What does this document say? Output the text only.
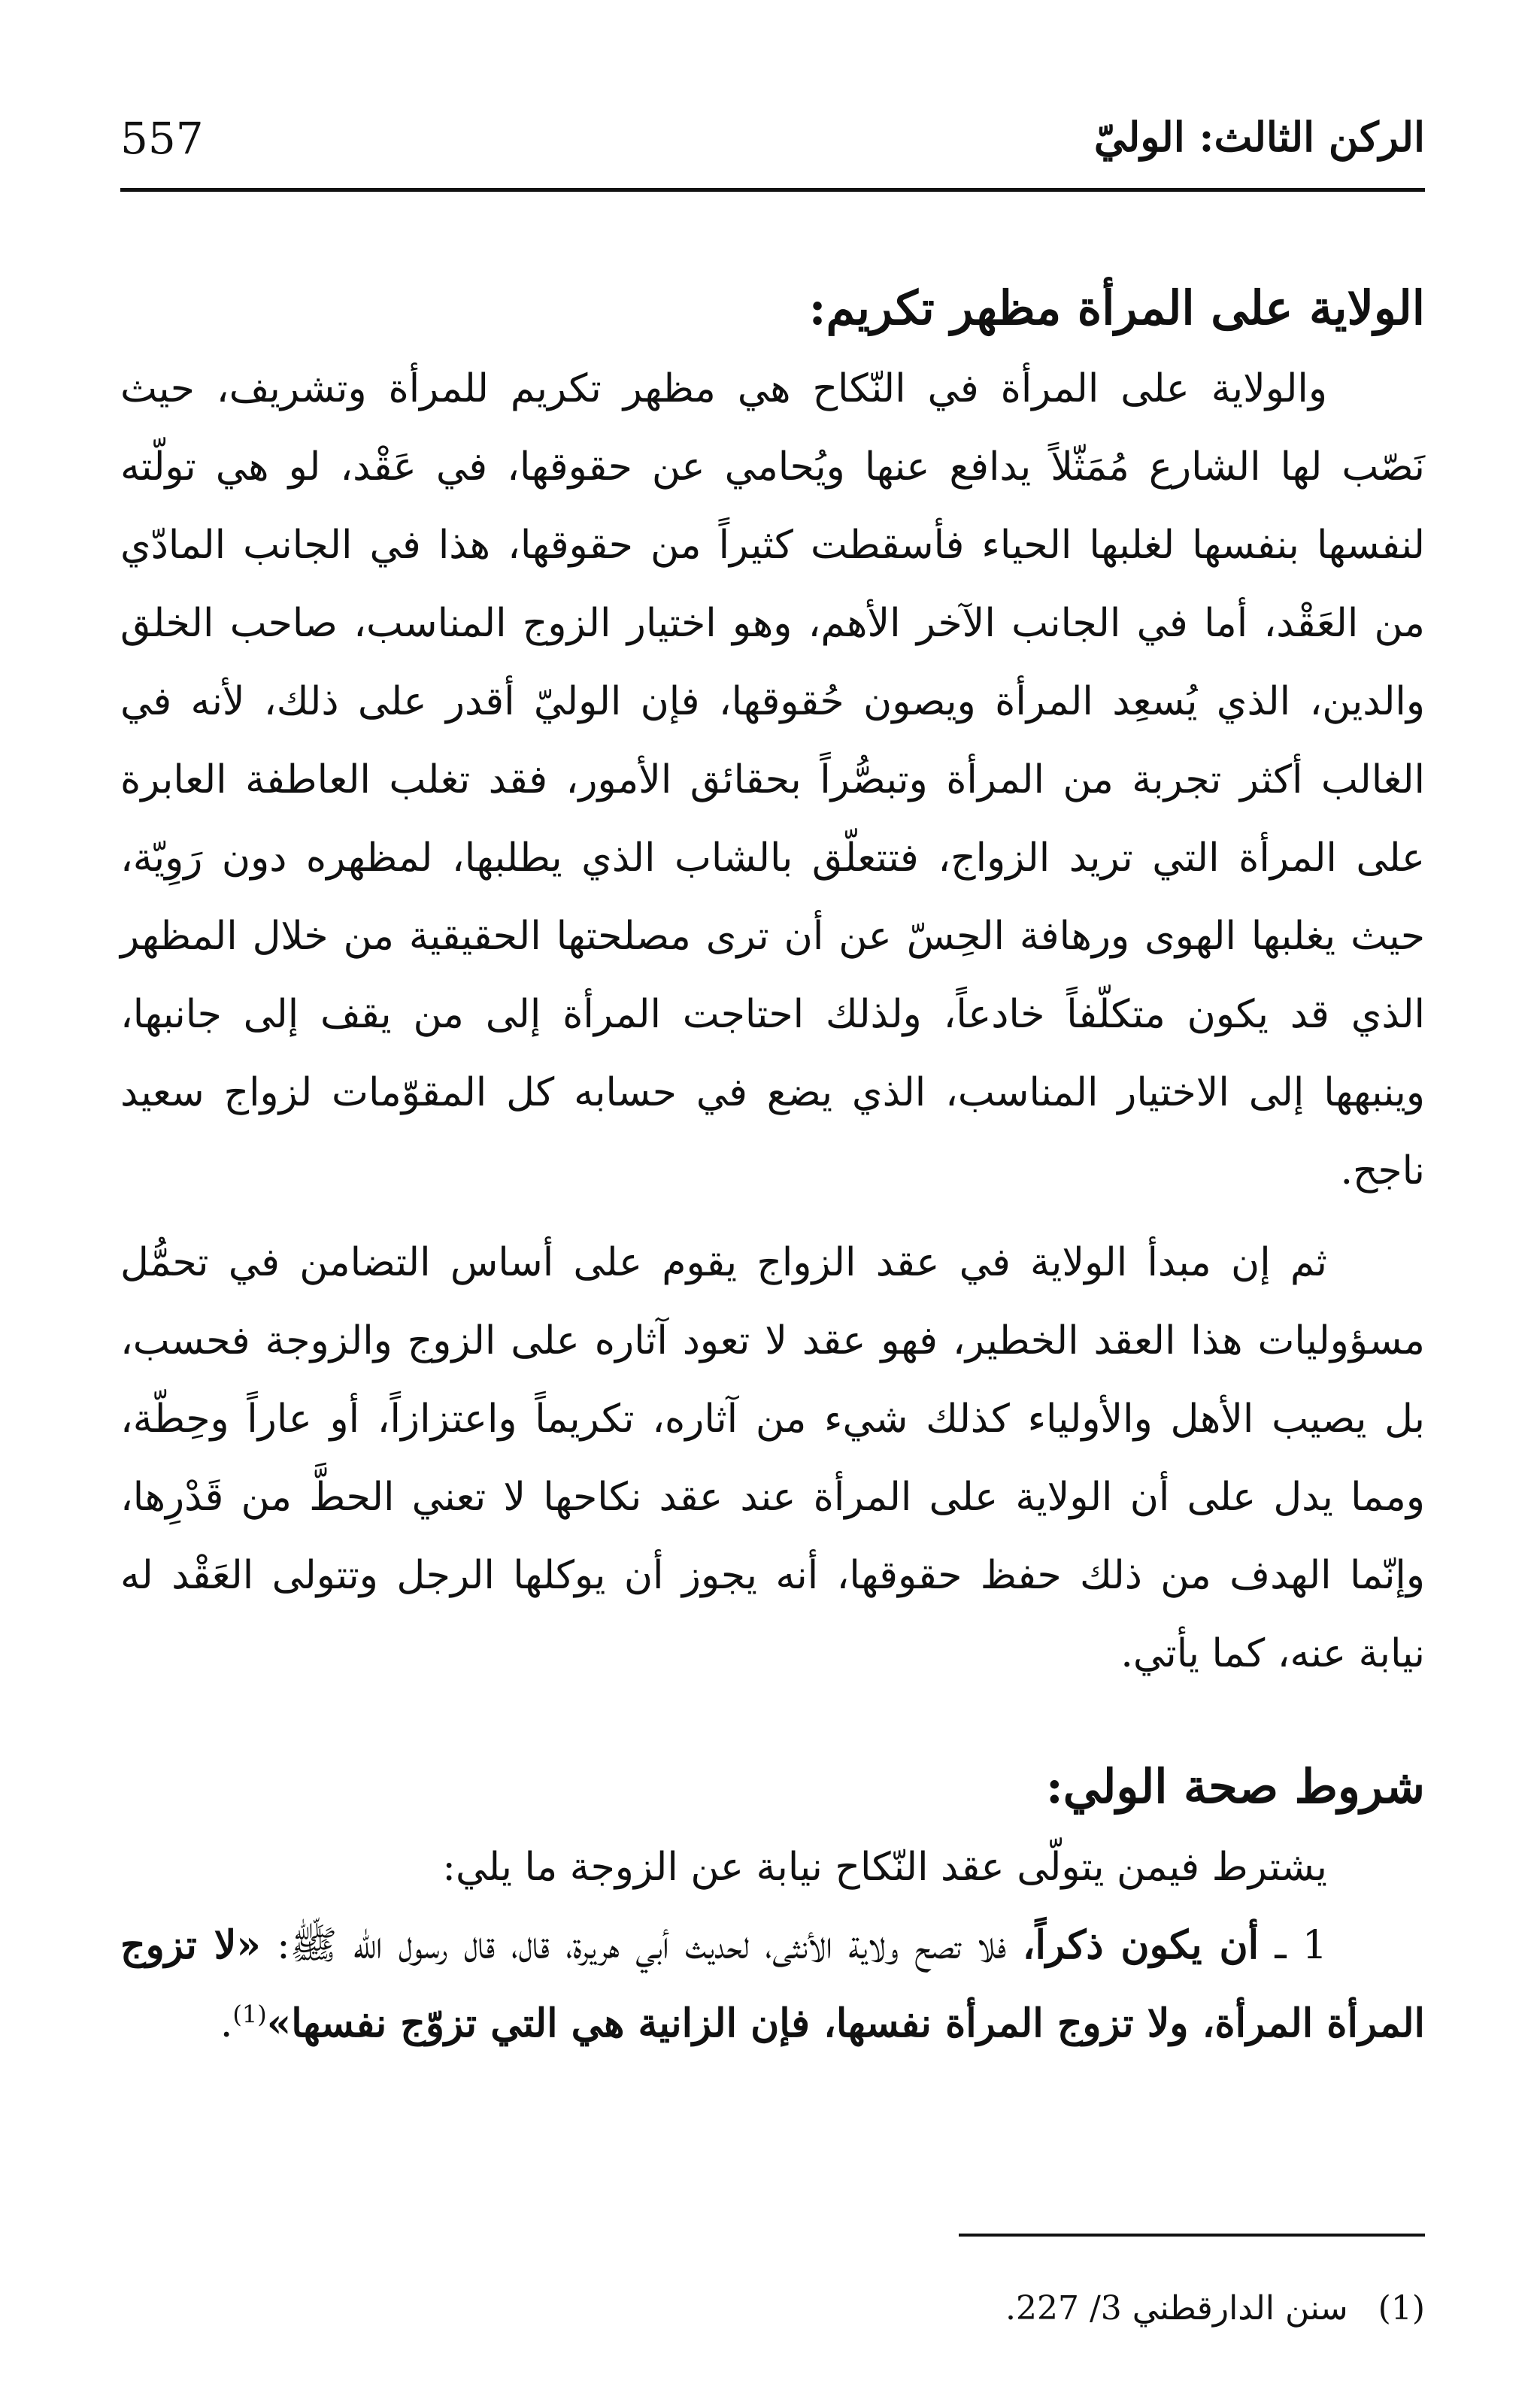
الركن الثالث: الوليّ
557
الولاية على المرأة مظهر تكريم:

والولاية على المرأة في النّكاح هي مظهر تكريم للمرأة وتشريف، حيث نَصّب لها الشارع مُمَثّلاً يدافع عنها ويُحامي عن حقوقها، في عَقْد، لو هي تولّته لنفسها بنفسها لغلبها الحياء فأسقطت كثيراً من حقوقها، هذا في الجانب المادّي من العَقْد، أما في الجانب الآخر الأهم، وهو اختيار الزوج المناسب، صاحب الخلق والدين، الذي يُسعِد المرأة ويصون حُقوقها، فإن الوليّ أقدر على ذلك، لأنه في الغالب أكثر تجربة من المرأة وتبصُّراً بحقائق الأمور، فقد تغلب العاطفة العابرة على المرأة التي تريد الزواج، فتتعلّق بالشاب الذي يطلبها، لمظهره دون رَوِيّة، حيث يغلبها الهوى ورهافة الحِسّ عن أن ترى مصلحتها الحقيقية من خلال المظهر الذي قد يكون متكلّفاً خادعاً، ولذلك احتاجت المرأة إلى من يقف إلى جانبها، وينبهها إلى الاختيار المناسب، الذي يضع في حسابه كل المقوّمات لزواج سعيد ناجح.

ثم إن مبدأ الولاية في عقد الزواج يقوم على أساس التضامن في تحمُّل مسؤوليات هذا العقد الخطير، فهو عقد لا تعود آثاره على الزوج والزوجة فحسب، بل يصيب الأهل والأولياء كذلك شيء من آثاره، تكريماً واعتزازاً، أو عاراً وحِطّة، ومما يدل على أن الولاية على المرأة عند عقد نكاحها لا تعني الحطَّ من قَدْرِها، وإنّما الهدف من ذلك حفظ حقوقها، أنه يجوز أن يوكلها الرجل وتتولى العَقْد له نيابة عنه، كما يأتي.

شروط صحة الولي:

يشترط فيمن يتولّى عقد النّكاح نيابة عن الزوجة ما يلي:

1 ـ أن يكون ذكراً، فلا تصح ولاية الأنثى، لحديث أبي هريرة، قال، قال رسول الله ﷺ: «لا تزوج المرأة المرأة، ولا تزوج المرأة نفسها، فإن الزانية هي التي تزوّج نفسها»$^{(1)}$.

(1)سنن الدارقطني 3/ 227.
